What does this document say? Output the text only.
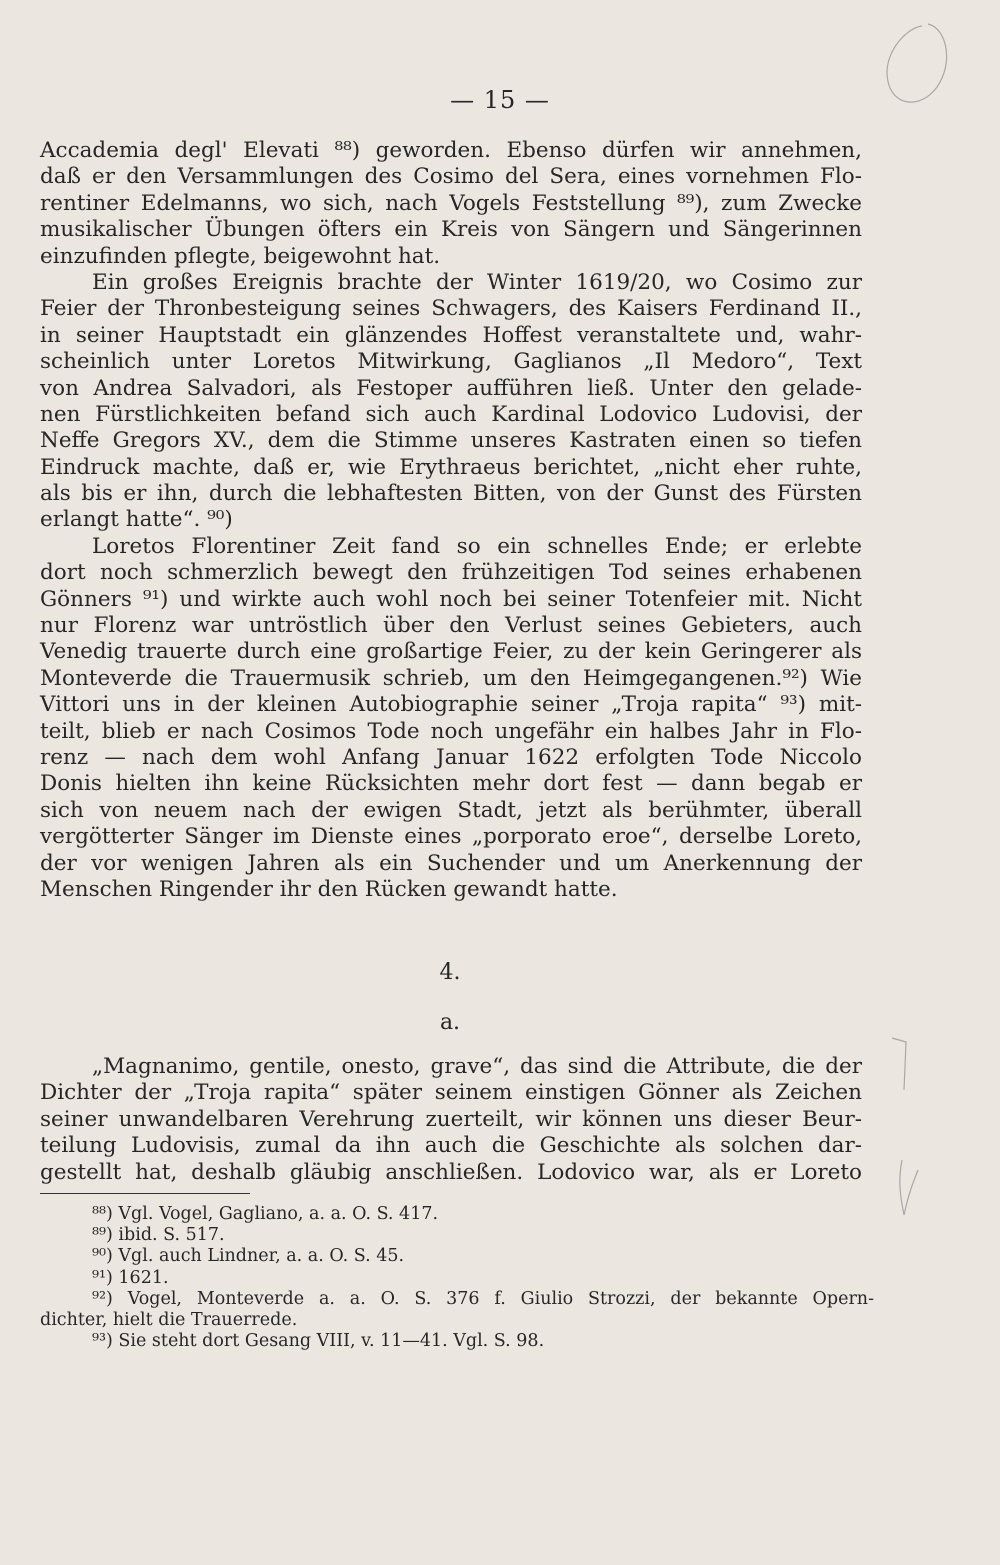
— 15 —
Accademia degl' Elevati ⁸⁸) geworden. Ebenso dürfen wir annehmen,
daß er den Versammlungen des Cosimo del Sera, eines vornehmen Flo-
rentiner Edelmanns, wo sich, nach Vogels Feststellung ⁸⁹), zum Zwecke
musikalischer Übungen öfters ein Kreis von Sängern und Sängerinnen
einzufinden pflegte, beigewohnt hat.
Ein großes Ereignis brachte der Winter 1619/20, wo Cosimo zur
Feier der Thronbesteigung seines Schwagers, des Kaisers Ferdinand II.,
in seiner Hauptstadt ein glänzendes Hoffest veranstaltete und, wahr-
scheinlich unter Loretos Mitwirkung, Gaglianos „Il Medoro“, Text
von Andrea Salvadori, als Festoper aufführen ließ. Unter den gelade-
nen Fürstlichkeiten befand sich auch Kardinal Lodovico Ludovisi, der
Neffe Gregors XV., dem die Stimme unseres Kastraten einen so tiefen
Eindruck machte, daß er, wie Erythraeus berichtet, „nicht eher ruhte,
als bis er ihn, durch die lebhaftesten Bitten, von der Gunst des Fürsten
erlangt hatte“. ⁹⁰)
Loretos Florentiner Zeit fand so ein schnelles Ende; er erlebte
dort noch schmerzlich bewegt den frühzeitigen Tod seines erhabenen
Gönners ⁹¹) und wirkte auch wohl noch bei seiner Totenfeier mit. Nicht
nur Florenz war untröstlich über den Verlust seines Gebieters, auch
Venedig trauerte durch eine großartige Feier, zu der kein Geringerer als
Monteverde die Trauermusik schrieb, um den Heimgegangenen.⁹²) Wie
Vittori uns in der kleinen Autobiographie seiner „Troja rapita“ ⁹³) mit-
teilt, blieb er nach Cosimos Tode noch ungefähr ein halbes Jahr in Flo-
renz — nach dem wohl Anfang Januar 1622 erfolgten Tode Niccolo
Donis hielten ihn keine Rücksichten mehr dort fest — dann begab er
sich von neuem nach der ewigen Stadt, jetzt als berühmter, überall
vergötterter Sänger im Dienste eines „porporato eroe“, derselbe Loreto,
der vor wenigen Jahren als ein Suchender und um Anerkennung der
Menschen Ringender ihr den Rücken gewandt hatte.
4.
a.
„Magnanimo, gentile, onesto, grave“, das sind die Attribute, die der
Dichter der „Troja rapita“ später seinem einstigen Gönner als Zeichen
seiner unwandelbaren Verehrung zuerteilt, wir können uns dieser Beur-
teilung Ludovisis, zumal da ihn auch die Geschichte als solchen dar-
gestellt hat, deshalb gläubig anschließen. Lodovico war, als er Loreto
⁸⁸) Vgl. Vogel, Gagliano, a. a. O. S. 417.
⁸⁹) ibid. S. 517.
⁹⁰) Vgl. auch Lindner, a. a. O. S. 45.
⁹¹) 1621.
⁹²) Vogel, Monteverde a. a. O. S. 376 f. Giulio Strozzi, der bekannte Opern-
dichter, hielt die Trauerrede.
⁹³) Sie steht dort Gesang VIII, v. 11—41. Vgl. S. 98.
